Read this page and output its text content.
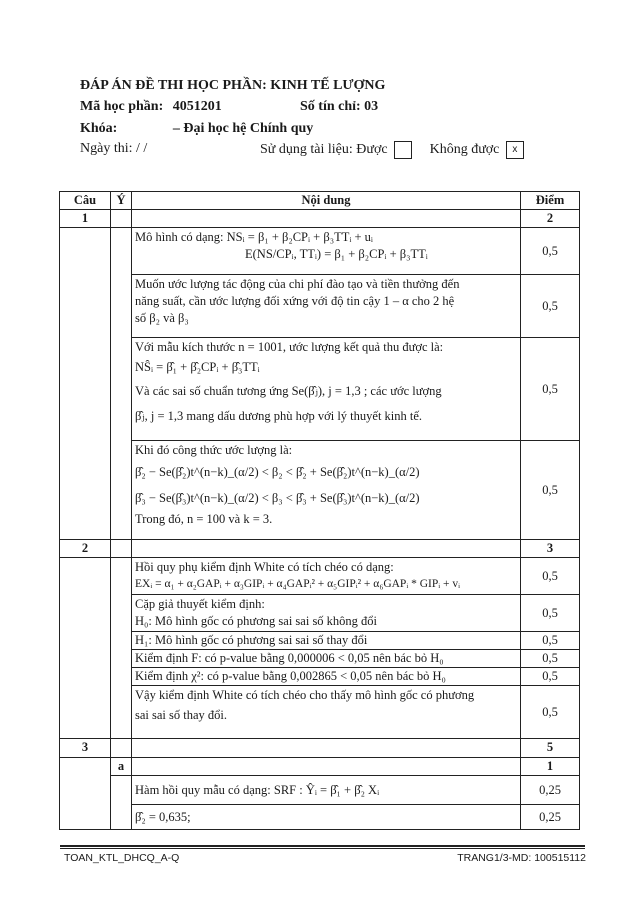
ĐÁP ÁN ĐỀ THI HỌC PHẦN: KINH TẾ LƯỢNG
Mã học phần: 4051201	Số tín chỉ: 03
Khóa:	– Đại học hệ Chính quy
Ngày thi: / /	Sử dụng tài liệu: Được	Không được x
Câu	Ý	Nội dung	Điểm
1			2

		Mô hình có dạng: NSᵢ = β₁ + β₂CPᵢ + β₃TTᵢ + uᵢ
E(NS/CPᵢ, TTᵢ) = β₁ + β₂CPᵢ + β₃TTᵢ	0,5

		Muốn ước lượng tác động của chi phí đào tạo và tiền thưởng đến
năng suất, cần ước lượng đối xứng với độ tin cậy 1 – α cho 2 hệ
số β₂ và β₃	0,5

		Với mẫu kích thước n = 1001, ước lượng kết quả thu được là:
NŜᵢ = β̂₁ + β̂₂CPᵢ + β̂₃TTᵢ
Và các sai số chuẩn tương ứng Se(β̂ⱼ), j = 1,3 ; các ước lượng
β̂ⱼ, j = 1,3 mang dấu dương phù hợp với lý thuyết kinh tế.	0,5

		Khi đó công thức ước lượng là:
β̂₂ − Se(β̂₂)t^(n−k)_(α/2) < β₂ < β̂₂ + Se(β̂₂)t^(n−k)_(α/2)
β̂₃ − Se(β̂₃)t^(n−k)_(α/2) < β₃ < β̂₃ + Se(β̂₃)t^(n−k)_(α/2)
Trong đó, n = 100 và k = 3.	0,5
2			3

		Hồi quy phụ kiểm định White có tích chéo có dạng:
EXᵢ = α₁ + α₂GAPᵢ + α₃GIPᵢ + α₄GAPᵢ² + α₅GIPᵢ² + α₆GAPᵢ * GIPᵢ + vᵢ	0,5

		Cặp giả thuyết kiểm định:
H₀: Mô hình gốc có phương sai sai số không đổi	0,5
		H₁: Mô hình gốc có phương sai sai số thay đổi	0,5
		Kiểm định F: có p-value bằng 0,000006 < 0,05 nên bác bỏ H₀	0,5
		Kiểm định χ²: có p-value bằng 0,002865 < 0,05 nên bác bỏ H₀	0,5

		Vậy kiểm định White có tích chéo cho thấy mô hình gốc có phương
sai sai số thay đổi.	0,5
3			5
	a		1
		Hàm hồi quy mẫu có dạng: SRF : Ŷᵢ = β̂₁ + β̂₂ Xᵢ	0,25
		β̂₂ = 0,635;	0,25
TOAN_KTL_DHCQ_A-Q	TRANG1/3-MD: 100515112
